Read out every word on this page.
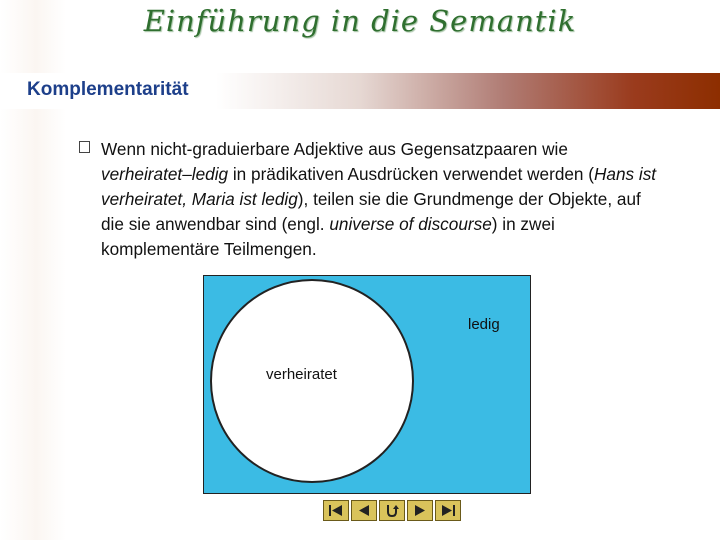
Einführung in die Semantik
Komplementarität
Wenn nicht-graduierbare Adjektive aus Gegensatzpaaren wie verheiratet–ledig in prädikativen Ausdrücken verwendet werden (Hans ist verheiratet, Maria ist ledig), teilen sie die Grundmenge der Objekte, auf die sie anwendbar sind (engl. universe of discourse) in zwei komplementäre Teilmengen.
ledig
verheiratet
